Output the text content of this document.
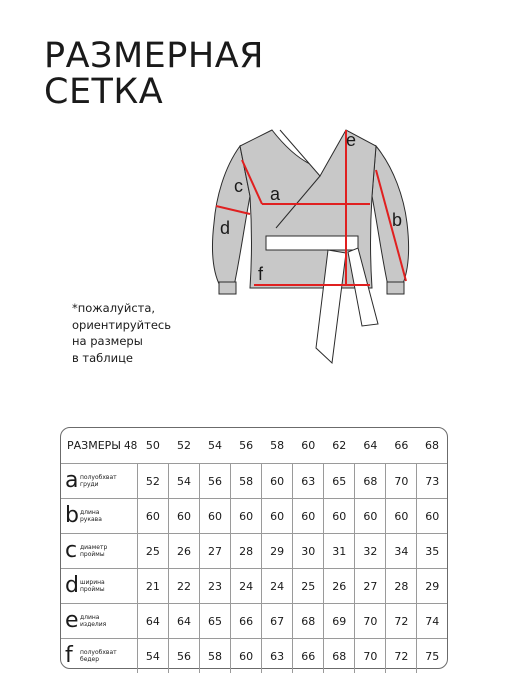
РАЗМЕРНАЯ
СЕТКА
a
b
c
d
e
f
*пожалуйста,
ориентируйтесь
на размеры
в таблице
РАЗМЕРЫ	48	50	52	54	56	58	60	62	64	66	68

a полуобхват
груди		52	54	56	58	60	63	65	68	70	73

b длина
рукава		60	60	60	60	60	60	60	60	60	60

c диаметр
проймы		25	26	27	28	29	30	31	32	34	35

d ширина
проймы		21	22	23	24	24	25	26	27	28	29

e длина
изделия		64	64	65	66	67	68	69	70	72	74

f полуобхват
бедер		54	56	58	60	63	66	68	70	72	75
